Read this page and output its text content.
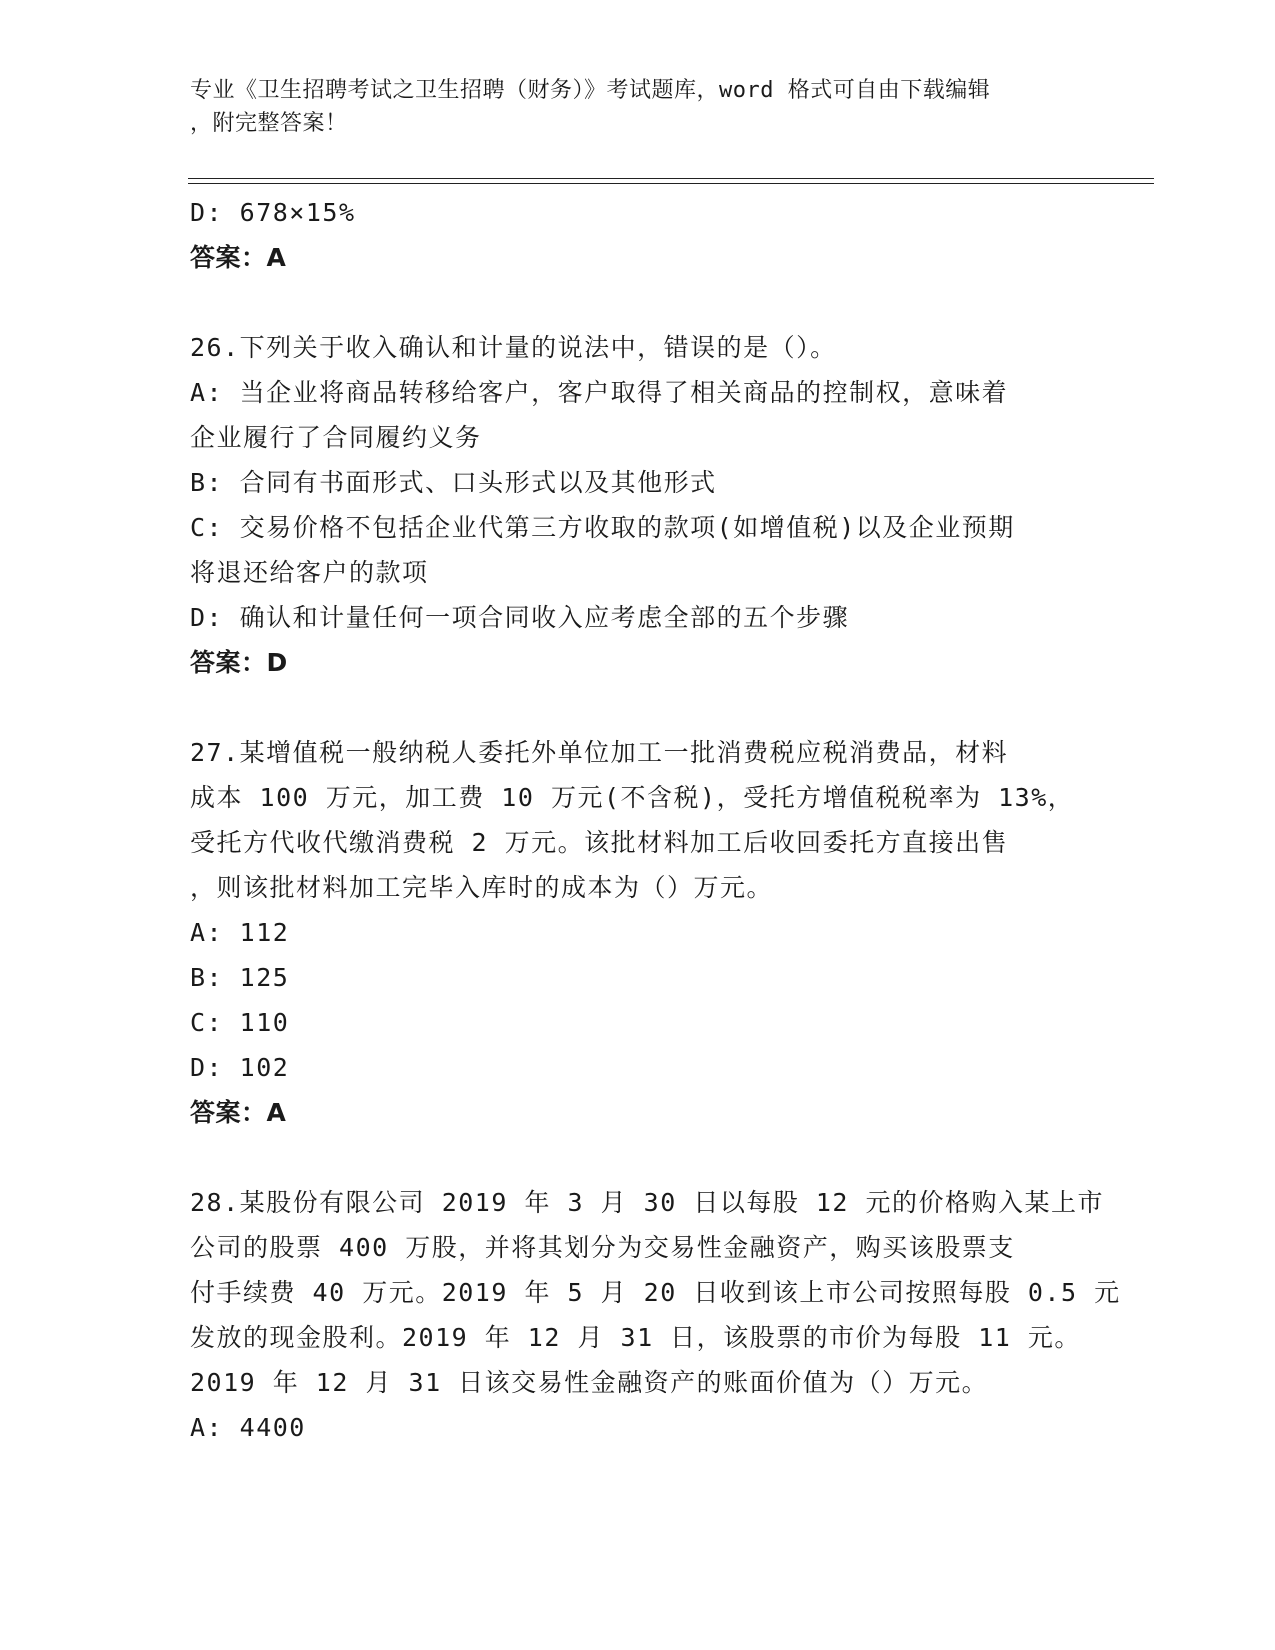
专业《卫生招聘考试之卫生招聘（财务）》考试题库，word 格式可自由下载编辑
，附完整答案！
D: 678×15%
答案：A
26.下列关于收入确认和计量的说法中，错误的是（）。
A: 当企业将商品转移给客户，客户取得了相关商品的控制权，意味着
企业履行了合同履约义务
B: 合同有书面形式、口头形式以及其他形式
C: 交易价格不包括企业代第三方收取的款项(如增值税)以及企业预期
将退还给客户的款项
D: 确认和计量任何一项合同收入应考虑全部的五个步骤
答案：D
27.某增值税一般纳税人委托外单位加工一批消费税应税消费品，材料
成本 100 万元，加工费 10 万元(不含税)，受托方增值税税率为 13%，
受托方代收代缴消费税 2 万元。该批材料加工后收回委托方直接出售
，则该批材料加工完毕入库时的成本为（）万元。
A: 112
B: 125
C: 110
D: 102
答案：A
28.某股份有限公司 2019 年 3 月 30 日以每股 12 元的价格购入某上市
公司的股票 400 万股，并将其划分为交易性金融资产，购买该股票支
付手续费 40 万元。2019 年 5 月 20 日收到该上市公司按照每股 0.5 元
发放的现金股利。2019 年 12 月 31 日，该股票的市价为每股 11 元。
2019 年 12 月 31 日该交易性金融资产的账面价值为（）万元。
A: 4400
